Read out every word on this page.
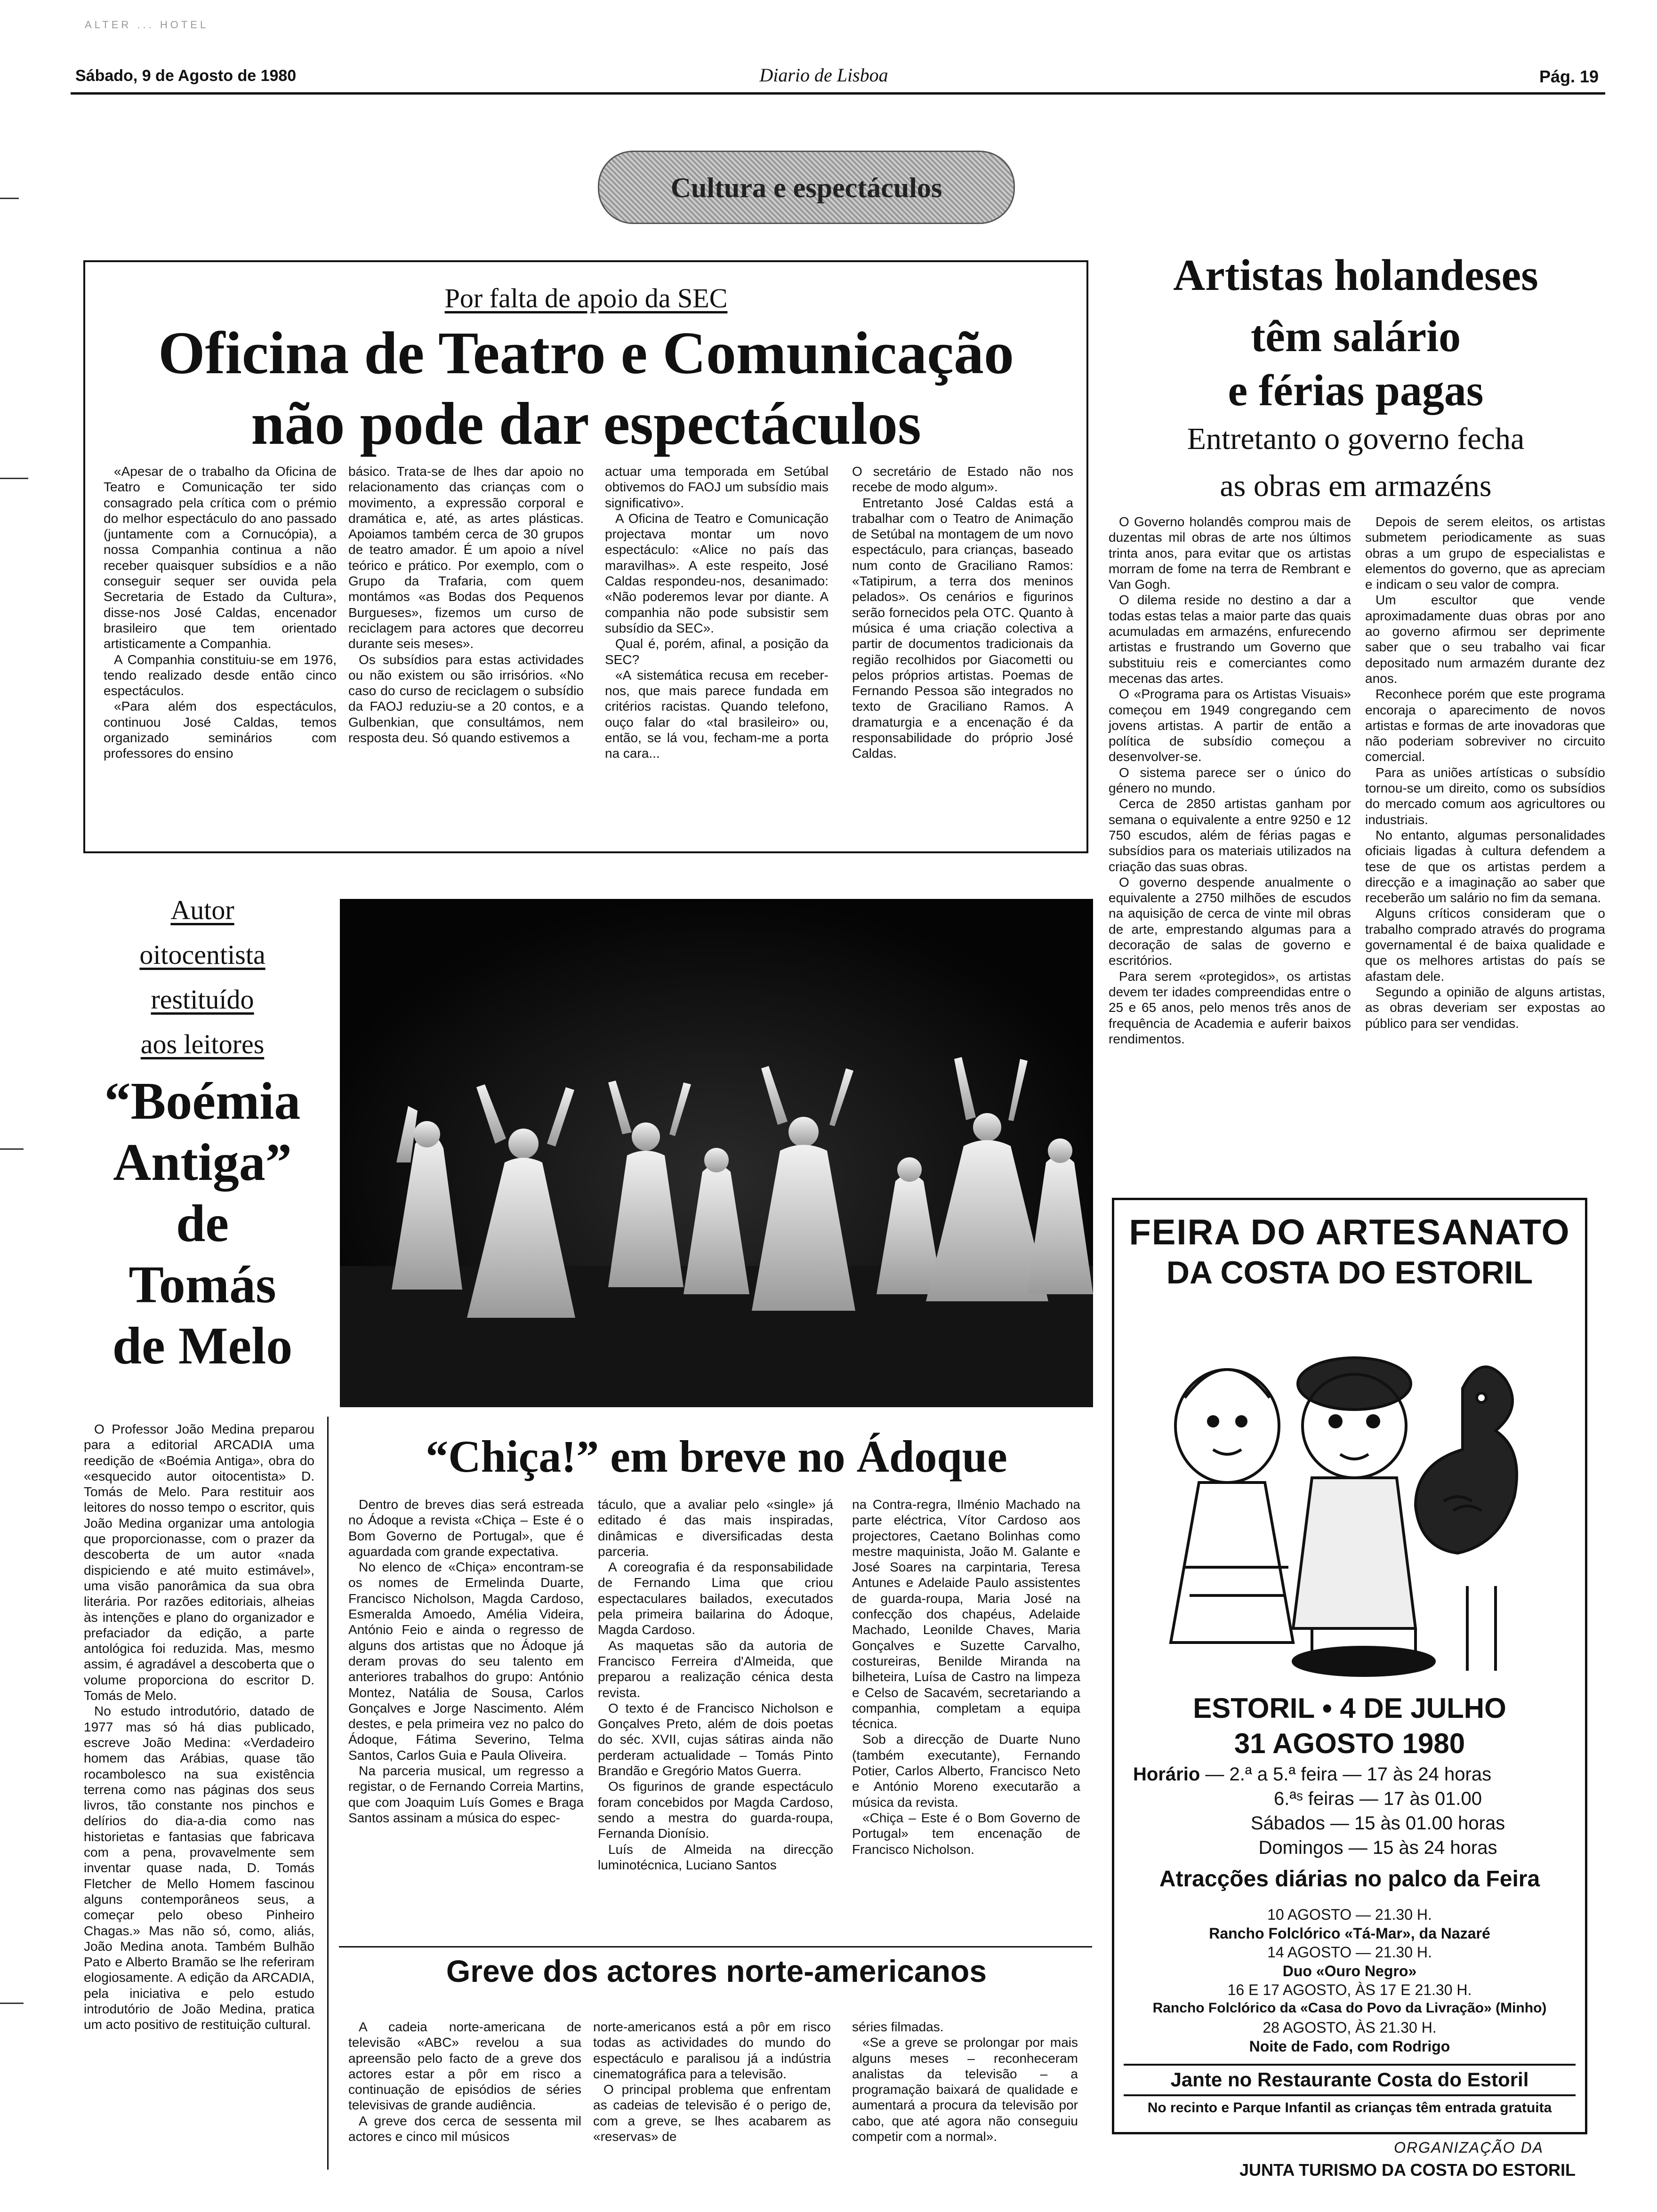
ALTER ... HOTEL
Sábado, 9 de Agosto de 1980	Diario de Lisboa	Pág. 19
Cultura e espectáculos
Por falta de apoio da SEC
Oficina de Teatro e Comunicação
não pode dar espectáculos

«Apesar de o trabalho da Oficina de Teatro e Comunicação ter sido consagrado pela crítica com o prémio do melhor espectáculo do ano passado (juntamente com a Cornucópia), a nossa Companhia continua a não receber quaisquer subsídios e a não conseguir sequer ser ouvida pela Secretaria de Estado da Cultura», disse-nos José Caldas, encenador brasileiro que tem orientado artisticamente a Companhia.

A Companhia constituiu-se em 1976, tendo realizado desde então cinco espectáculos.

«Para além dos espectáculos, continuou José Caldas, temos organizado seminários com professores do ensino

básico. Trata-se de lhes dar apoio no relacionamento das crianças com o movimento, a expressão corporal e dramática e, até, as artes plásticas. Apoiamos também cerca de 30 grupos de teatro amador. É um apoio a nível teórico e prático. Por exemplo, com o Grupo da Trafaria, com quem montámos «as Bodas dos Pequenos Burgueses», fizemos um curso de reciclagem para actores que decorreu durante seis meses».

Os subsídios para estas actividades ou não existem ou são irrisórios. «No caso do curso de reciclagem o subsídio da FAOJ reduziu-se a 20 contos, e a Gulbenkian, que consultámos, nem resposta deu. Só quando estivemos a

actuar uma temporada em Setúbal obtivemos do FAOJ um subsídio mais significativo».

A Oficina de Teatro e Comunicação projectava montar um novo espectáculo: «Alice no país das maravilhas». A este respeito, José Caldas respondeu-nos, desanimado: «Não poderemos levar por diante. A companhia não pode subsistir sem subsídio da SEC».

Qual é, porém, afinal, a posição da SEC?

«A sistemática recusa em receber-nos, que mais parece fundada em critérios racistas. Quando telefono, ouço falar do «tal brasileiro» ou, então, se lá vou, fecham-me a porta na cara...

O secretário de Estado não nos recebe de modo algum».

Entretanto José Caldas está a trabalhar com o Teatro de Animação de Setúbal na montagem de um novo espectáculo, para crianças, baseado num conto de Graciliano Ramos: «Tatipirum, a terra dos meninos pelados». Os cenários e figurinos serão fornecidos pela OTC. Quanto à música é uma criação colectiva a partir de documentos tradicionais da região recolhidos por Giacometti ou pelos próprios artistas. Poemas de Fernando Pessoa são integrados no texto de Graciliano Ramos. A dramaturgia e a encenação é da responsabilidade do próprio José Caldas.

Artistas holandeses
têm salário
e férias pagas
Entretanto o governo fecha
as obras em armazéns

O Governo holandês comprou mais de duzentas mil obras de arte nos últimos trinta anos, para evitar que os artistas morram de fome na terra de Rembrant e Van Gogh.

O dilema reside no destino a dar a todas estas telas a maior parte das quais acumuladas em armazéns, enfurecendo artistas e frustrando um Governo que substituiu reis e comerciantes como mecenas das artes.

O «Programa para os Artistas Visuais» começou em 1949 congregando cem jovens artistas. A partir de então a política de subsídio começou a desenvolver-se.

O sistema parece ser o único do género no mundo.

Cerca de 2850 artistas ganham por semana o equivalente a entre 9250 e 12 750 escudos, além de férias pagas e subsídios para os materiais utilizados na criação das suas obras.

O governo despende anualmente o equivalente a 2750 milhões de escudos na aquisição de cerca de vinte mil obras de arte, emprestando algumas para a decoração de salas de governo e escritórios.

Para serem «protegidos», os artistas devem ter idades compreendidas entre o 25 e 65 anos, pelo menos três anos de frequência de Academia e auferir baixos rendimentos.

Depois de serem eleitos, os artistas submetem periodicamente as suas obras a um grupo de especialistas e elementos do governo, que as apreciam e indicam o seu valor de compra.

Um escultor que vende aproximadamente duas obras por ano ao governo afirmou ser deprimente saber que o seu trabalho vai ficar depositado num armazém durante dez anos.

Reconhece porém que este programa encoraja o aparecimento de novos artistas e formas de arte inovadoras que não poderiam sobreviver no circuito comercial.

Para as uniões artísticas o subsídio tornou-se um direito, como os subsídios do mercado comum aos agricultores ou industriais.

No entanto, algumas personalidades oficiais ligadas à cultura defendem a tese de que os artistas perdem a direcção e a imaginação ao saber que receberão um salário no fim da semana.

Alguns críticos consideram que o trabalho comprado através do programa governamental é de baixa qualidade e que os melhores artistas do país se afastam dele.

Segundo a opinião de alguns artistas, as obras deveriam ser expostas ao público para ser vendidas.

Autor
oitocentista
restituído
aos leitores
“Boémia
Antiga”
de
Tomás
de Melo

O Professor João Medina preparou para a editorial ARCADIA uma reedição de «Boémia Antiga», obra do «esquecido autor oitocentista» D. Tomás de Melo. Para restituir aos leitores do nosso tempo o escritor, quis João Medina organizar uma antologia que proporcionasse, com o prazer da descoberta de um autor «nada dispiciendo e até muito estimável», uma visão panorâmica da sua obra literária. Por razões editoriais, alheias às intenções e plano do organizador e prefaciador da edição, a parte antológica foi reduzida. Mas, mesmo assim, é agradável a descoberta que o volume proporciona do escritor D. Tomás de Melo.

No estudo introdutório, datado de 1977 mas só há dias publicado, escreve João Medina: «Verdadeiro homem das Arábias, quase tão rocambolesco na sua existência terrena como nas páginas dos seus livros, tão constante nos pinchos e delírios do dia-a-dia como nas historietas e fantasias que fabricava com a pena, provavelmente sem inventar quase nada, D. Tomás Fletcher de Mello Homem fascinou alguns contemporâneos seus, a começar pelo obeso Pinheiro Chagas.» Mas não só, como, aliás, João Medina anota. Também Bulhão Pato e Alberto Bramão se lhe referiram elogiosamente. A edição da ARCADIA, pela iniciativa e pelo estudo introdutório de João Medina, pratica um acto positivo de restituição cultural.

“Chiça!” em breve no Ádoque

Dentro de breves dias será estreada no Ádoque a revista «Chiça – Este é o Bom Governo de Portugal», que é aguardada com grande expectativa.

No elenco de «Chiça» encontram-se os nomes de Ermelinda Duarte, Francisco Nicholson, Magda Cardoso, Esmeralda Amoedo, Amélia Videira, António Feio e ainda o regresso de alguns dos artistas que no Ádoque já deram provas do seu talento em anteriores trabalhos do grupo: António Montez, Natália de Sousa, Carlos Gonçalves e Jorge Nascimento. Além destes, e pela primeira vez no palco do Ádoque, Fátima Severino, Telma Santos, Carlos Guia e Paula Oliveira.

Na parceria musical, um regresso a registar, o de Fernando Correia Martins, que com Joaquim Luís Gomes e Braga Santos assinam a música do espec-

táculo, que a avaliar pelo «single» já editado é das mais inspiradas, dinâmicas e diversificadas desta parceria.

A coreografia é da responsabilidade de Fernando Lima que criou espectaculares bailados, executados pela primeira bailarina do Ádoque, Magda Cardoso.

As maquetas são da autoria de Francisco Ferreira d'Almeida, que preparou a realização cénica desta revista.

O texto é de Francisco Nicholson e Gonçalves Preto, além de dois poetas do séc. XVII, cujas sátiras ainda não perderam actualidade – Tomás Pinto Brandão e Gregório Matos Guerra.

Os figurinos de grande espectáculo foram concebidos por Magda Cardoso, sendo a mestra do guarda-roupa, Fernanda Dionísio.

Luís de Almeida na direcção luminotécnica, Luciano Santos

na Contra-regra, Ilménio Machado na parte eléctrica, Vítor Cardoso aos projectores, Caetano Bolinhas como mestre maquinista, João M. Galante e José Soares na carpintaria, Teresa Antunes e Adelaide Paulo assistentes de guarda-roupa, Maria José na confecção dos chapéus, Adelaide Machado, Leonilde Chaves, Maria Gonçalves e Suzette Carvalho, costureiras, Benilde Miranda na bilheteira, Luísa de Castro na limpeza e Celso de Sacavém, secretariando a companhia, completam a equipa técnica.

Sob a direcção de Duarte Nuno (também executante), Fernando Potier, Carlos Alberto, Francisco Neto e António Moreno executarão a música da revista.

«Chiça – Este é o Bom Governo de Portugal» tem encenação de Francisco Nicholson.

Greve dos actores norte-americanos

A cadeia norte-americana de televisão «ABC» revelou a sua apreensão pelo facto de a greve dos actores estar a pôr em risco a continuação de episódios de séries televisivas de grande audiência.

A greve dos cerca de sessenta mil actores e cinco mil músicos

norte-americanos está a pôr em risco todas as actividades do mundo do espectáculo e paralisou já a indústria cinematográfica para a televisão.

O principal problema que enfrentam as cadeias de televisão é o perigo de, com a greve, se lhes acabarem as «reservas» de

séries filmadas.

«Se a greve se prolongar por mais alguns meses – reconheceram analistas da televisão – a programação baixará de qualidade e aumentará a procura da televisão por cabo, que até agora não conseguiu competir com a normal».

FEIRA DO ARTESANATO
DA COSTA DO ESTORIL
ESTORIL • 4 DE JULHO
31 AGOSTO 1980
Horário — 2.ª a 5.ª feira — 17 às 24 horas
6.ªˢ feiras — 17 às 01.00
Sábados — 15 às 01.00 horas
Domingos — 15 às 24 horas
Atracções diárias no palco da Feira
10 AGOSTO — 21.30 H.
Rancho Folclórico «Tá-Mar», da Nazaré
14 AGOSTO — 21.30 H.
Duo «Ouro Negro»
16 E 17 AGOSTO, ÀS 17 E 21.30 H.
Rancho Folclórico da «Casa do Povo da Livração» (Minho)
28 AGOSTO, ÀS 21.30 H.
Noite de Fado, com Rodrigo
Jante no Restaurante Costa do Estoril
No recinto e Parque Infantil as crianças têm entrada gratuita
ORGANIZAÇÃO DA
JUNTA TURISMO DA COSTA DO ESTORIL
